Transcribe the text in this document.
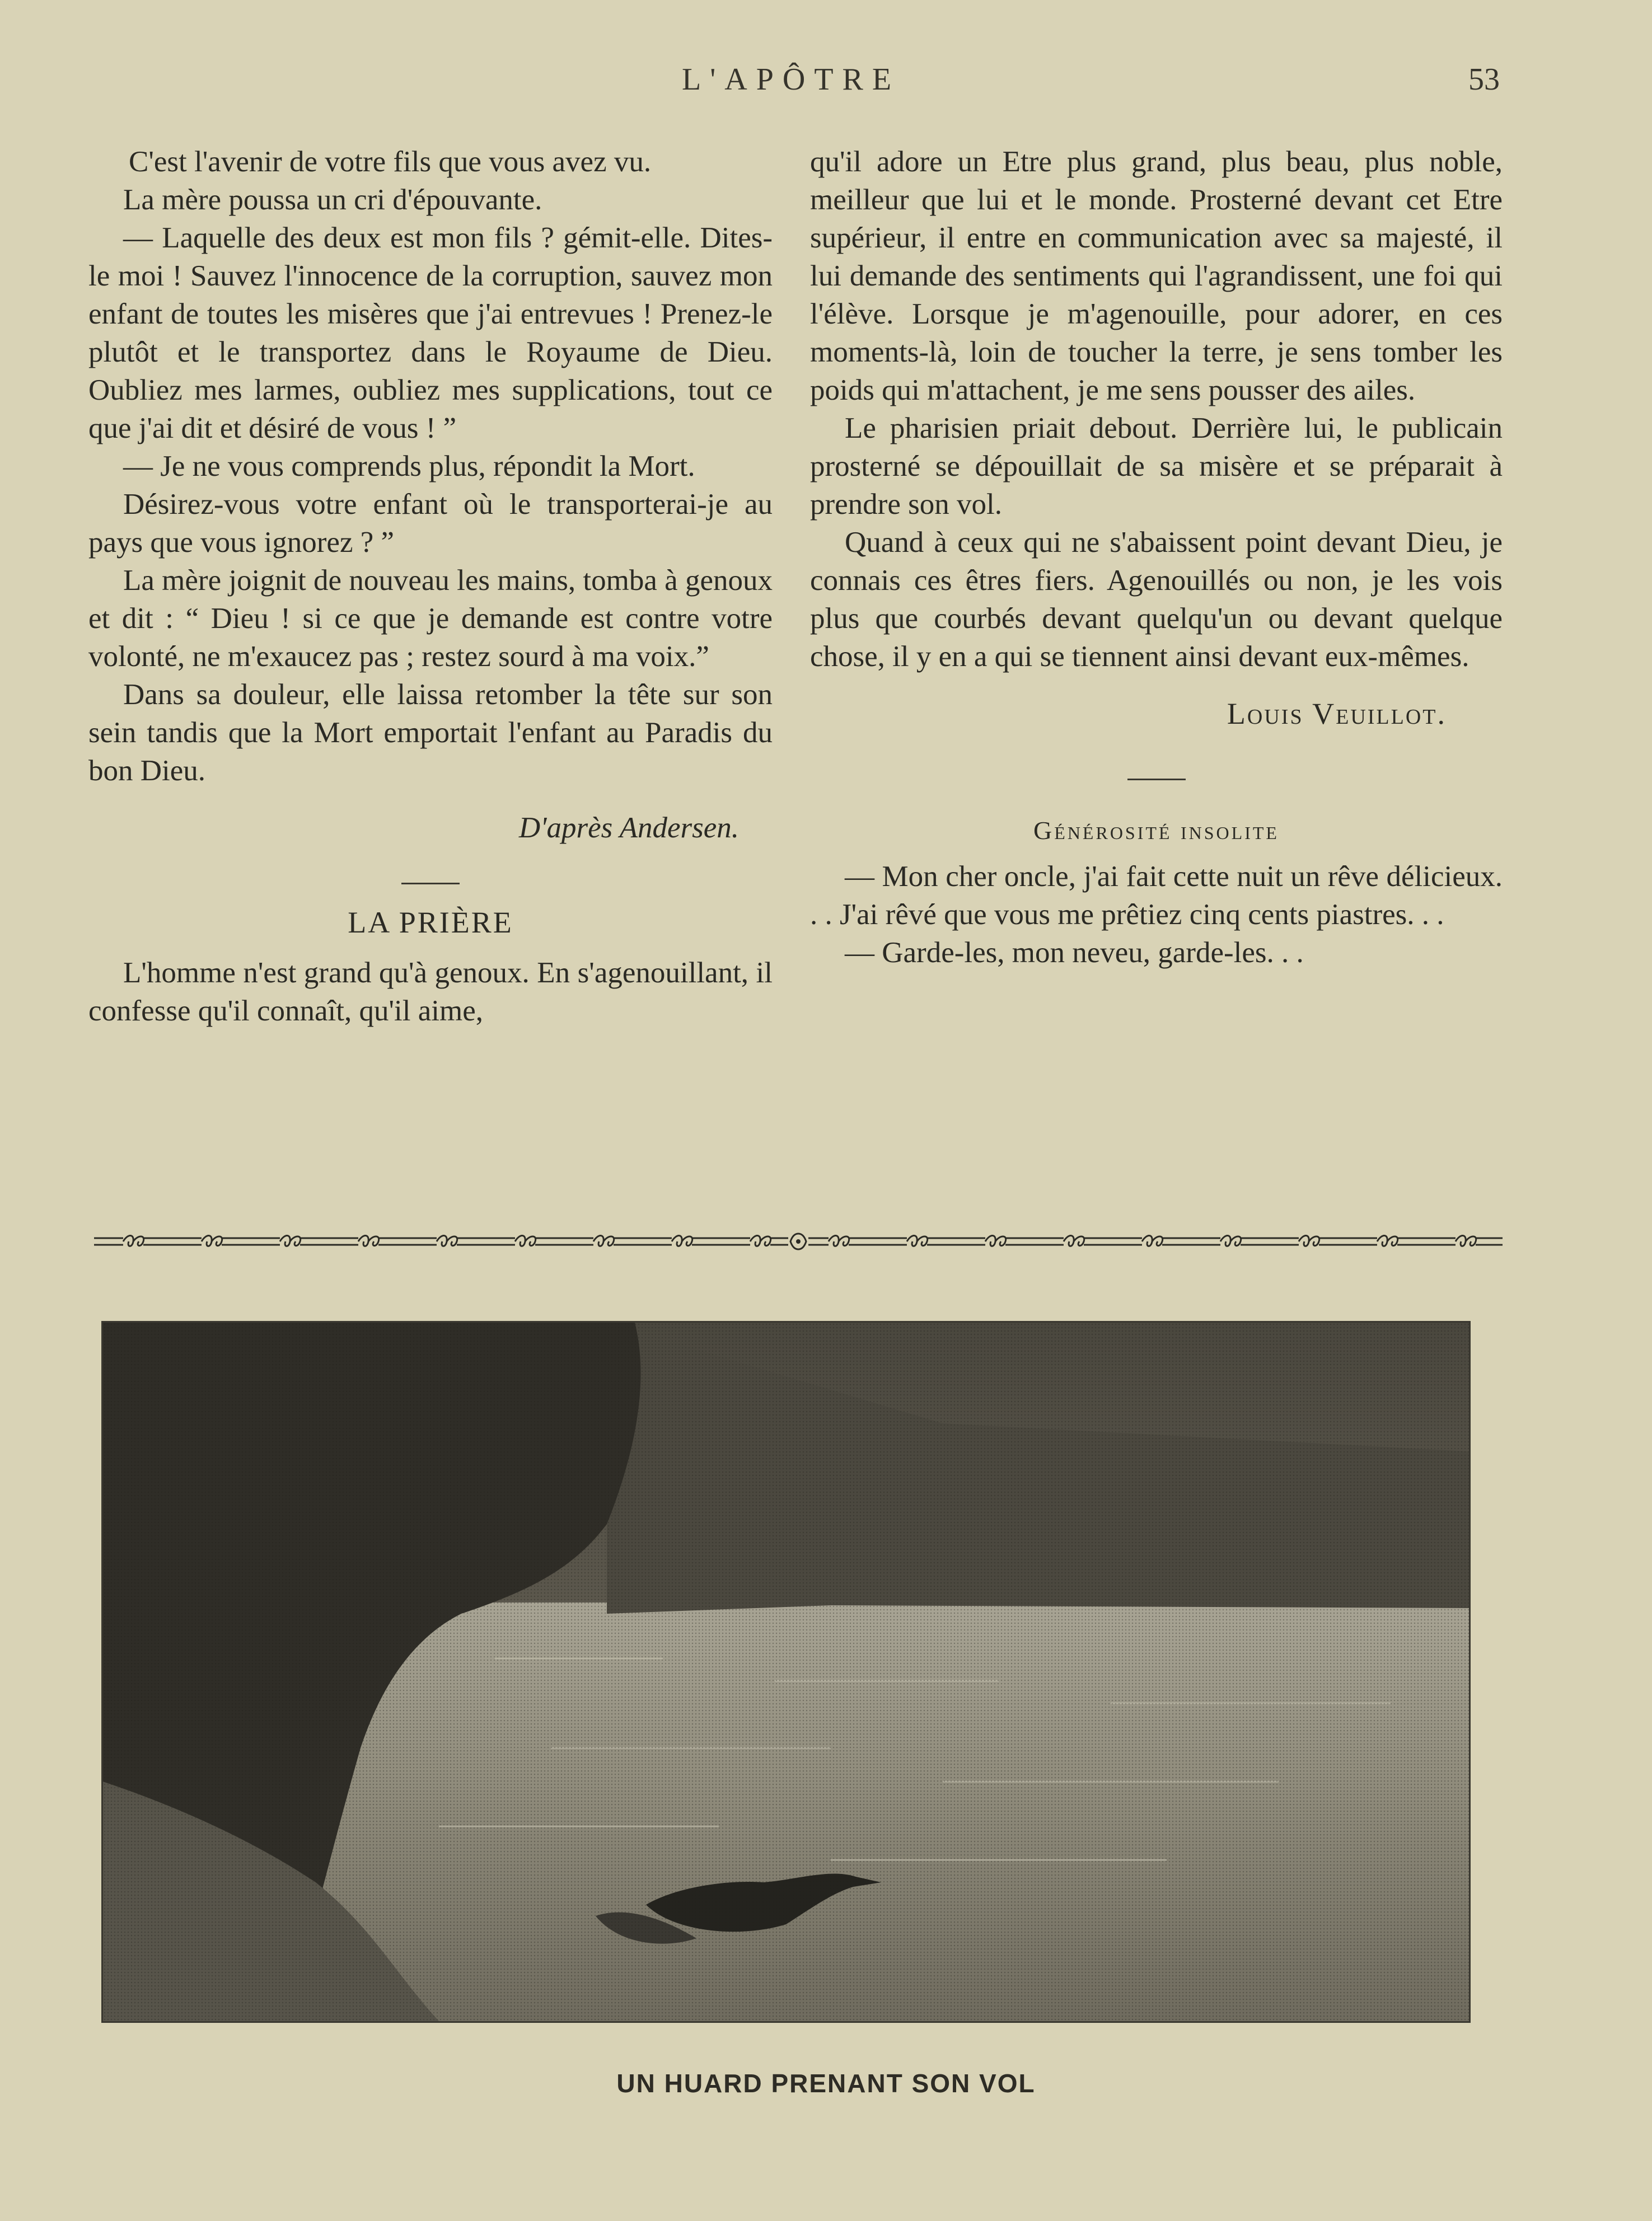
L'APÔTRE	53

C'est l'avenir de votre fils que vous avez vu.

La mère poussa un cri d'épouvante.

— Laquelle des deux est mon fils ? gémit-elle. Dites-le moi ! Sauvez l'innocence de la corruption, sauvez mon enfant de toutes les misères que j'ai entrevues ! Prenez-le plutôt et le transportez dans le Royaume de Dieu. Oubliez mes larmes, oubliez mes supplications, tout ce que j'ai dit et désiré de vous ! ”

— Je ne vous comprends plus, répondit la Mort.

Désirez-vous votre enfant où le transporterai-je au pays que vous ignorez ? ”

La mère joignit de nouveau les mains, tomba à genoux et dit : “ Dieu ! si ce que je demande est contre votre volonté, ne m'exaucez pas ; restez sourd à ma voix.”

Dans sa douleur, elle laissa retomber la tête sur son sein tandis que la Mort emportait l'enfant au Paradis du bon Dieu.

D'après Andersen.
LA PRIÈRE

L'homme n'est grand qu'à genoux. En s'agenouillant, il confesse qu'il connaît, qu'il aime,

qu'il adore un Etre plus grand, plus beau, plus noble, meilleur que lui et le monde. Prosterné devant cet Etre supérieur, il entre en communication avec sa majesté, il lui demande des sentiments qui l'agrandissent, une foi qui l'élève. Lorsque je m'agenouille, pour adorer, en ces moments-là, loin de toucher la terre, je sens tomber les poids qui m'attachent, je me sens pousser des ailes.

Le pharisien priait debout. Derrière lui, le publicain prosterné se dépouillait de sa misère et se préparait à prendre son vol.

Quand à ceux qui ne s'abaissent point devant Dieu, je connais ces êtres fiers. Agenouillés ou non, je les vois plus que courbés devant quelqu'un ou devant quelque chose, il y en a qui se tiennent ainsi devant eux-mêmes.

Louis Veuillot.
Générosité insolite

— Mon cher oncle, j'ai fait cette nuit un rêve délicieux. . . J'ai rêvé que vous me prêtiez cinq cents piastres. . .

— Garde-les, mon neveu, garde-les. . .

UN HUARD PRENANT SON VOL
